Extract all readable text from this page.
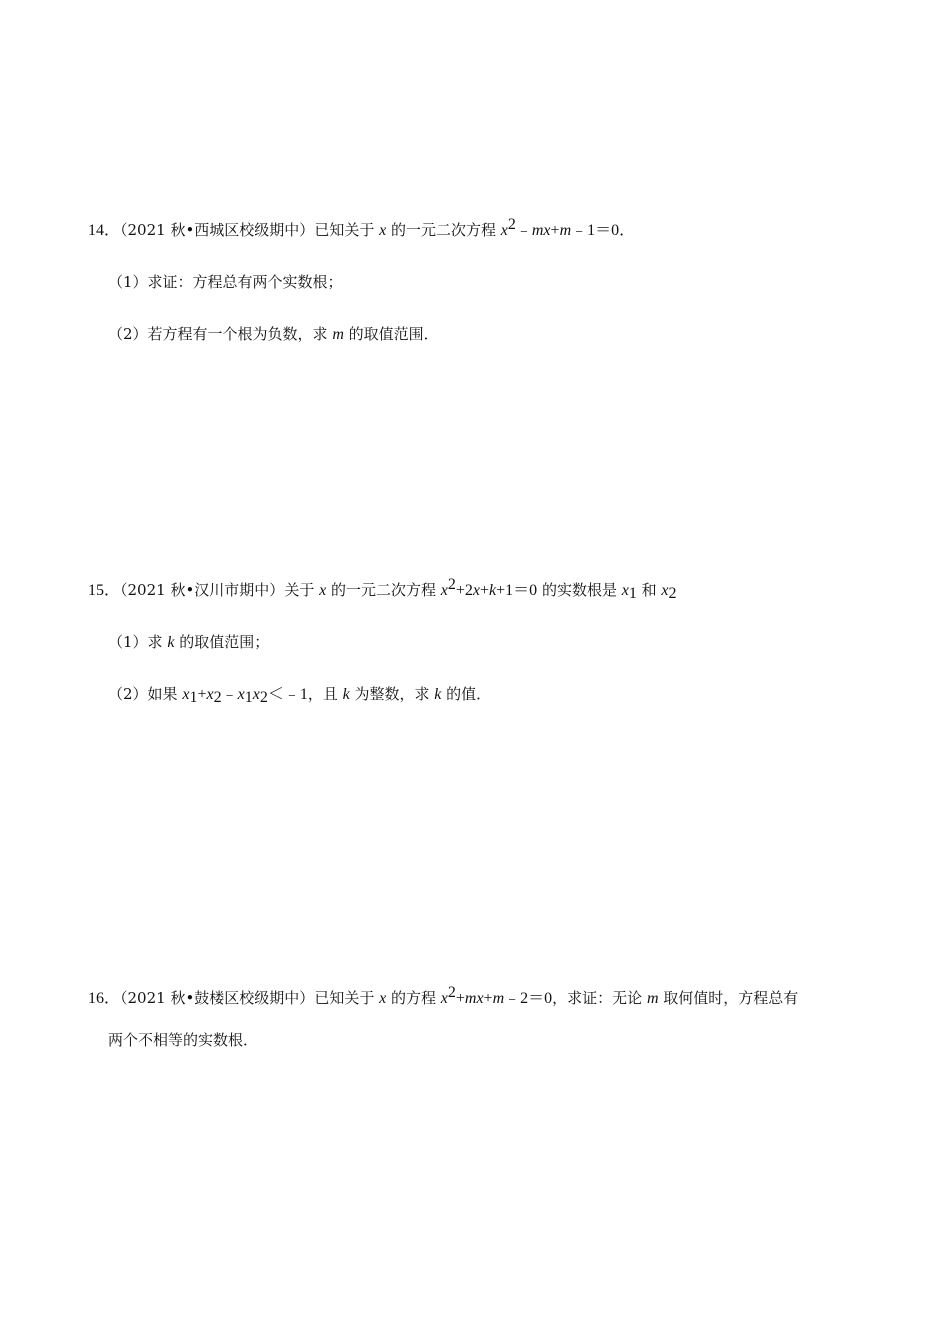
14．（2021 秋•西城区校级期中）已知关于 x 的一元二次方程 $x^2﹣mx+m﹣1=0$．
（1）求证：方程总有两个实数根；
（2）若方程有一个根为负数，求 m 的取值范围．
15．（2021 秋•汉川市期中）关于 x 的一元二次方程 $x^2+2x+k+1=0$ 的实数根是 $x_1$ 和 $x_2$
（1）求 k 的取值范围；
（2）如果 $x_1+x_2﹣x_1x_2<﹣1$，且 k 为整数，求 k 的值．
16．（2021 秋•鼓楼区校级期中）已知关于 x 的方程 $x^2+mx+m﹣2=0$，求证：无论 m 取何值时，方程总有
两个不相等的实数根．
